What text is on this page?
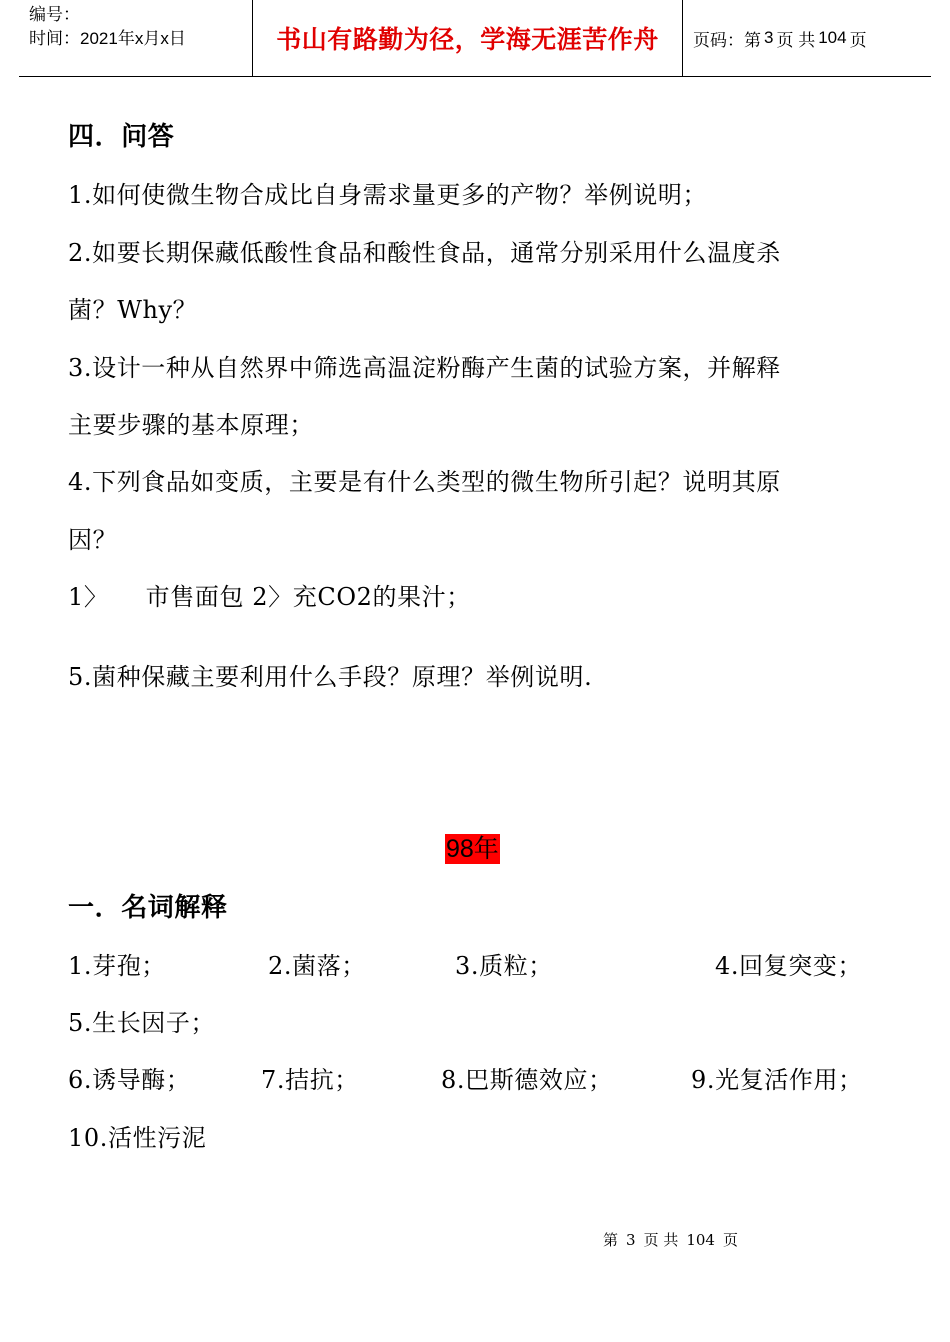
编号：
时间：2021年x月x日	书山有路勤为径，学海无涯苦作舟 页码：第 3 页 共 104 页
四．问答
1.如何使微生物合成比自身需求量更多的产物？举例说明；
2.如要长期保藏低酸性食品和酸性食品，通常分别采用什么温度杀
菌？Why？
3.设计一种从自然界中筛选高温淀粉酶产生菌的试验方案，并解释
主要步骤的基本原理；
4.下列食品如变质，主要是有什么类型的微生物所引起？说明其原
因？
1〉　　市售面包 2〉充CO2的果汁；
5.菌种保藏主要利用什么手段？原理？举例说明.
98年
一．名词解释
1.芽孢；	2.菌落；	3.质粒；	4.回复突变；
5.生长因子；
6.诱导酶；	7.拮抗；	8.巴斯德效应；	9.光复活作用；
10.活性污泥
第 3 页 共 104 页
